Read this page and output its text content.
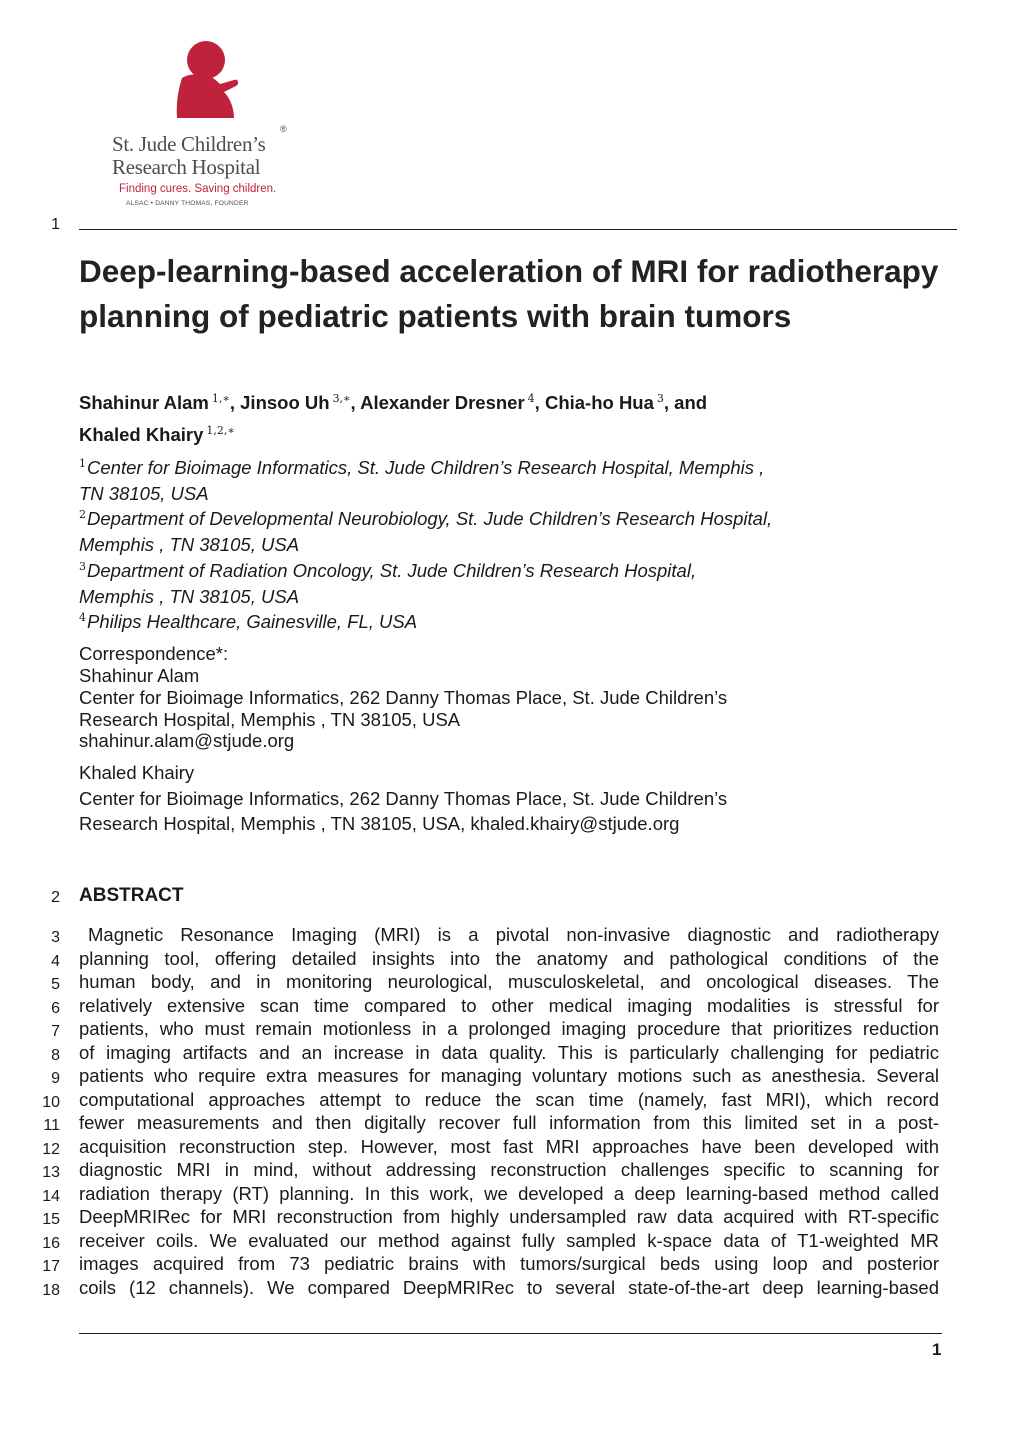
St. Jude Children’s
Research Hospital
®
Finding cures. Saving children.
ALSAC • DANNY THOMAS, FOUNDER
1
Deep-learning-based acceleration of MRI for radiotherapy planning of pediatric patients with brain tumors
Shahinur Alam $^{1,∗}$, Jinsoo Uh $^{3,∗}$, Alexander Dresner $^4$, Chia-ho Hua $^3$, and
Khaled Khairy $^{1,2,∗}$
$^1$Center for Bioimage Informatics, St. Jude Children’s Research Hospital, Memphis ,
TN 38105, USA
$^2$Department of Developmental Neurobiology, St. Jude Children’s Research Hospital,
Memphis , TN 38105, USA
$^3$Department of Radiation Oncology, St. Jude Children’s Research Hospital,
Memphis , TN 38105, USA
$^4$Philips Healthcare, Gainesville, FL, USA
Correspondence*:
Shahinur Alam
Center for Bioimage Informatics, 262 Danny Thomas Place, St. Jude Children’s
Research Hospital, Memphis , TN 38105, USA
shahinur.alam@stjude.org
Khaled Khairy
Center for Bioimage Informatics, 262 Danny Thomas Place, St. Jude Children’s
Research Hospital, Memphis , TN 38105, USA, khaled.khairy@stjude.org
2 ABSTRACT
3
4
5
6
7
8
9
10
11
12
13
14
15
16
17
18
Magnetic Resonance Imaging (MRI) is a pivotal non-invasive diagnostic and radiotherapy
planning tool, offering detailed insights into the anatomy and pathological conditions of the
human body, and in monitoring neurological, musculoskeletal, and oncological diseases. The
relatively extensive scan time compared to other medical imaging modalities is stressful for
patients, who must remain motionless in a prolonged imaging procedure that prioritizes reduction
of imaging artifacts and an increase in data quality. This is particularly challenging for pediatric
patients who require extra measures for managing voluntary motions such as anesthesia. Several
computational approaches attempt to reduce the scan time (namely, fast MRI), which record
fewer measurements and then digitally recover full information from this limited set in a post-
acquisition reconstruction step. However, most fast MRI approaches have been developed with
diagnostic MRI in mind, without addressing reconstruction challenges specific to scanning for
radiation therapy (RT) planning. In this work, we developed a deep learning-based method called
DeepMRIRec for MRI reconstruction from highly undersampled raw data acquired with RT-specific
receiver coils. We evaluated our method against fully sampled k-space data of T1-weighted MR
images acquired from 73 pediatric brains with tumors/surgical beds using loop and posterior
coils (12 channels). We compared DeepMRIRec to several state-of-the-art deep learning-based
1
